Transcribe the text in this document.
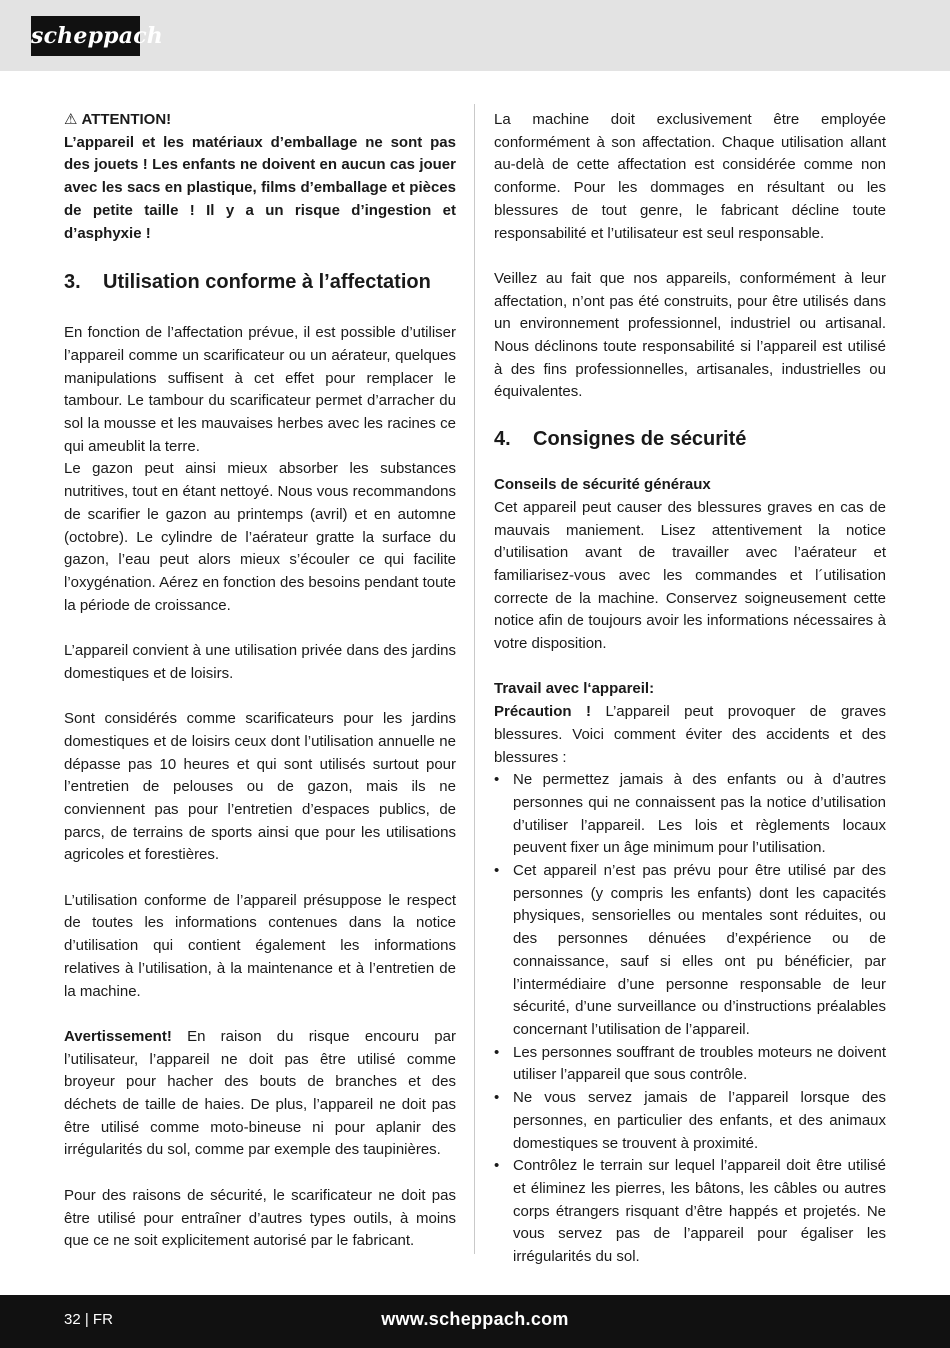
scheppach

⚠ ATTENTION!

L’appareil et les matériaux d’emballage ne sont pas des jouets ! Les enfants ne doivent en aucun cas jouer avec les sacs en plastique, films d’emballage et pièces de petite taille ! Il y a un risque d’ingestion et d’asphyxie !

3. Utilisation conforme à l’affectation

En fonction de l’affectation prévue, il est possible d’utiliser l’appareil comme un scarificateur ou un aérateur, quelques manipulations suffisent à cet effet pour remplacer le tambour. Le tambour du scarificateur permet d’arracher du sol la mousse et les mauvaises herbes avec les racines ce qui ameublit la terre.

Le gazon peut ainsi mieux absorber les substances nutritives, tout en étant nettoyé. Nous vous recommandons de scarifier le gazon au printemps (avril) et en automne (octobre). Le cylindre de l’aérateur gratte la surface du gazon, l’eau peut alors mieux s’écouler ce qui facilite l’oxygénation. Aérez en fonction des besoins pendant toute la période de croissance.

L’appareil convient à une utilisation privée dans des jardins domestiques et de loisirs.

Sont considérés comme scarificateurs pour les jardins domestiques et de loisirs ceux dont l’utilisation annuelle ne dépasse pas 10 heures et qui sont utilisés surtout pour l’entretien de pelouses ou de gazon, mais ils ne conviennent pas pour l’entretien d’espaces publics, de parcs, de terrains de sports ainsi que pour les utilisations agricoles et forestières.

L’utilisation conforme de l’appareil présuppose le respect de toutes les informations contenues dans la notice d’utilisation qui contient également les informations relatives à l’utilisation, à la maintenance et à l’entretien de la machine.

Avertissement! En raison du risque encouru par l’utilisateur, l’appareil ne doit pas être utilisé comme broyeur pour hacher des bouts de branches et des déchets de taille de haies. De plus, l’appareil ne doit pas être utilisé comme moto-bineuse ni pour aplanir des irrégularités du sol, comme par exemple des taupinières.

Pour des raisons de sécurité, le scarificateur ne doit pas être utilisé pour entraîner d’autres types outils, à moins que ce ne soit explicitement autorisé par le fabricant.

La machine doit exclusivement être employée conformément à son affectation. Chaque utilisation allant au-delà de cette affectation est considérée comme non conforme. Pour les dommages en résultant ou les blessures de tout genre, le fabricant décline toute responsabilité et l’utilisateur est seul responsable.

Veillez au fait que nos appareils, conformément à leur affectation, n’ont pas été construits, pour être utilisés dans un environnement professionnel, industriel ou artisanal. Nous déclinons toute responsabilité si l’appareil est utilisé à des fins professionnelles, artisanales, industrielles ou équivalentes.

4. Consignes de sécurité

Conseils de sécurité généraux

Cet appareil peut causer des blessures graves en cas de mauvais maniement. Lisez attentivement la notice d’utilisation avant de travailler avec l’aérateur et familiarisez-vous avec les commandes et l´utilisation correcte de la machine. Conservez soigneusement cette notice afin de toujours avoir les informations nécessaires à votre disposition.

Travail avec l‘appareil:

Précaution ! L’appareil peut provoquer de graves blessures. Voici comment éviter des accidents et des blessures :

• Ne permettez jamais à des enfants ou à d’autres personnes qui ne connaissent pas la notice d’utilisation d’utiliser l’appareil. Les lois et règlements locaux peuvent fixer un âge minimum pour l’utilisation.
• Cet appareil n’est pas prévu pour être utilisé par des personnes (y compris les enfants) dont les capacités physiques, sensorielles ou mentales sont réduites, ou des personnes dénuées d’expérience ou de connaissance, sauf si elles ont pu bénéficier, par l’intermédiaire d’une personne responsable de leur sécurité, d’une surveillance ou d’instructions préalables concernant l’utilisation de l’appareil.
• Les personnes souffrant de troubles moteurs ne doivent utiliser l’appareil que sous contrôle.
• Ne vous servez jamais de l’appareil lorsque des personnes, en particulier des enfants, et des animaux domestiques se trouvent à proximité.
• Contrôlez le terrain sur lequel l’appareil doit être utilisé et éliminez les pierres, les bâtons, les câbles ou autres corps étrangers risquant d’être happés et projetés. Ne vous servez pas de l’appareil pour égaliser les irrégularités du sol.
32 | FR	www.scheppach.com
